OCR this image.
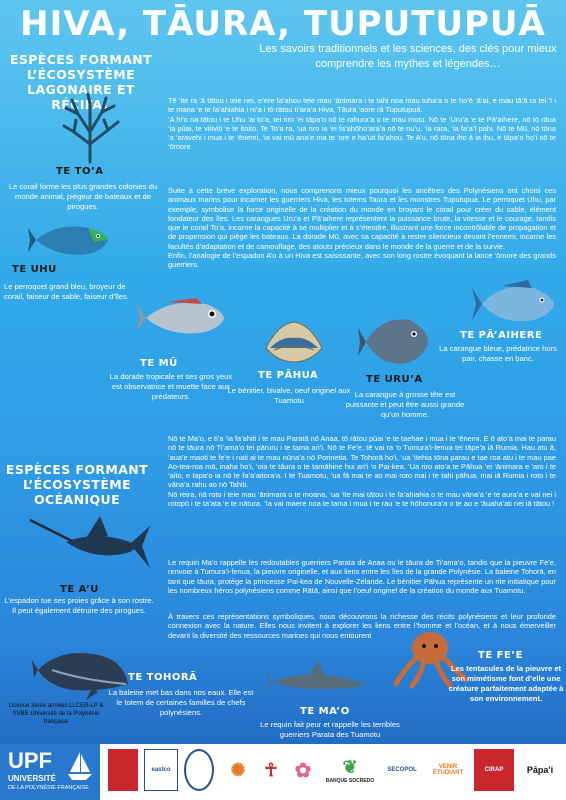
HIVA, TĀURA, TUPUTUPUĀ
ESPÈCES FORMANT L’ÉCOSYSTÈME LAGONAIRE ET RÉCIFAL
Les savoirs traditionnels et les sciences, des clés pour mieux comprendre les mythes et légendes…
Tē ‘ite ra ‘ā tātou i teie nei, e’ere fa’ahou teie mau ‘ānimara i te tahi noa mau tuha’a o te ho’ē ‘ā’ai, e mau tā’ā ra tei ‘ī i te mana ‘e te fa’ahiahia i ni’a i tō rātou ti’ara’a Hiva, Tāura ‘aore rā Tuputupuā.
‘A hi’o na tātou i te Uhu ‘ai to’a, tei riro ‘ei tāpa’o nō te rahura’a o te mau motu. Nō te ‘Uru’a ‘e te Pā’aihere, nō tō rāua ‘ia pūai, te vitiviti ‘e te itoito. Te To’a ra, ‘ua riro ia ‘ei fa’ahōho’ara’a nō te nu’u, ‘ia rara, ‘ia fa’a’ī pahi. Nō te Mū, nō tōna ‘a ‘aravehi i mua i te ‘ēnemi, ‘ia vai mū ana’e ma te ‘ore e ha’uti fa’ahou. Te A’u, nō tōna iho ā ia ihu, e tāpa’o ho’i nō te ‘ōmore
Suite à cette brève exploration, nous comprenons mieux pourquoi les ancêtres des Polynésiens ont choisi ces animaux marins pour incarner les guerriers Hiva, les totems Taura et les monstres Tuputupua. Le perroquet Uhu, par exemple, symbolise la force originelle de la création du monde en broyant le corail pour créer du sable, élément fondateur des îles. Les carangues Uru’a et Pā’aihere représentent la puissance brute, la vitesse et le courage, tandis que le corail To’a, incarne la capacité à se multiplier et à s’étendre, illustrant une force incontrôlable de propagation et de propension qui piège les bateaux. La dorade Mū, avec sa capacité à rester silencieux devant l’ennemi, incarne les facultés d’adaptation et de camouflage, des atouts précieux dans le monde de la guerre et de la survie.
Enfin, l’analogie de l’espadon A’u à un Hiva est saisissante, avec son long rostre évoquant la lance ‘ōmore des grands guerriers.
TE TO’A
Le corail forme les plus grandes colonies du monde animal, piégeur de bateaux et de pirogues.
TE UHU
Le perroquet grand bleu, broyeur de corail, faiseur de sable, faiseur d’îles.
TE MŪ
La dorade tropicale et ses gros yeux est observatrice et muette face aux prédateurs.
TE PĀHUA
Le bénitier, bivalve, oeuf originel aux Tuamotu
TE URU’A
La carangue à grosse tête est puissante et peut être aussi grande qu’un homme.
TE PĀ’AIHERE
La carangue bleue, prédatrice hors pair, chasse en banc.
ESPÈCES FORMANT L’ÉCOSYSTÈME OCÉANIQUE
Nō te Ma’o, e ti’a ‘ia fa’ahiti i te mau Paratā nō Anaa, tō rātou pūai ‘e te taehae i mua i te ‘ēnemi. E ō ato’a mai te parau nō te tāura nō Ti’ama’o tei pāruru i te tama ari’i. Nō te Fe’e, tē vai ra ‘o Tumura’i-fenua tei tāpe’a iā Rumia. Hau atu ā, ‘aua’e maoti te fe’e i nati ai te mau nūna’a nō Porinetia. Te Tohorā ho’i, ‘ua ‘itehia tōna parau e tae roa atu i te mau pae Ao-tea-roa mā, inaha ho’i, ‘oia te tāura o te tamāhine hui ari’i ‘o Pai-kea. ‘Ua riro ato’a te Pāhua ‘ei ‘ānimara e ‘aro i te ‘aito, e tapa’o ia nō te fa’a’aitora’a. I te Tuamotu, ‘ua fā mai te ao mai roto mai i te tahi pāhua, mai iā Rumia i roto i te vāna’a rahu ao nō Tahiti.
Nō reira, nā roto i teie mau ‘ānimara o te moana, ‘ua ‘ite mai tātou i te fa’ahiahia o te mau vāna’a ‘e te aura’a e vai nei i rotopū i te ta’ata ‘e te nātura. ‘Ia vai maere noa te tama i mua i te rau ‘e te hōhonura’a o te ao e ‘āuaha’ati nei iā tātou !
Le requin Ma’o rappelle les redoutables guerriers Parata de Anaa ou le tāura de Ti’ama’o, tandis que la pieuvre Fe’e, renvoie à Tumura’i-fenua, la pieuvre originelle, et aux liens entre les îles de la grande Polynésie. La baleine Tohorā, en tant que tāura, protège la princesse Pai-kea de Nouvelle-Zélande. Le bénitier Pāhua représente un rite initiatique pour les nombreux héros polynésiens comme Rātā, ainsi que l’oeuf originel de la création du monde aux Tuamotu.
À travers ces représentations symboliques, nous découvrons la richesse des récits polynésiens et leur profonde connexion avec la nature. Elles nous invitent à explorer les liens entre l’homme et l’océan, et à nous émerveiller devant la diversité des ressources marines qui nous entourent
TE A’U
L’espadon tue ses proies grâce à son rostre. Il peut également détruire des pirogues.
Licence 3ème années LLCER-LP & SVBE Université de la Polynésie française
TE TOHORĀ
La baleine met bas dans nos eaux. Elle est le totem de certaines familles de chefs polynésiens.	TE MA’O
Le requin fait peur et rappelle les terribles guerriers Parata des Tuamotu
TE FE’E
Les tentacules de la pieuvre et son mimétisme font d’elle une créature parfaitement adaptée à son environnement.
UPF
UNIVERSITÉ
DE LA POLYNÉSIE FRANÇAISE
eastco	✺	☥ ✿	❦
BANQUE SOCREDO
SECOPOL	VENIR ÉTUDIANT	CIRAP	Pāpa'i
